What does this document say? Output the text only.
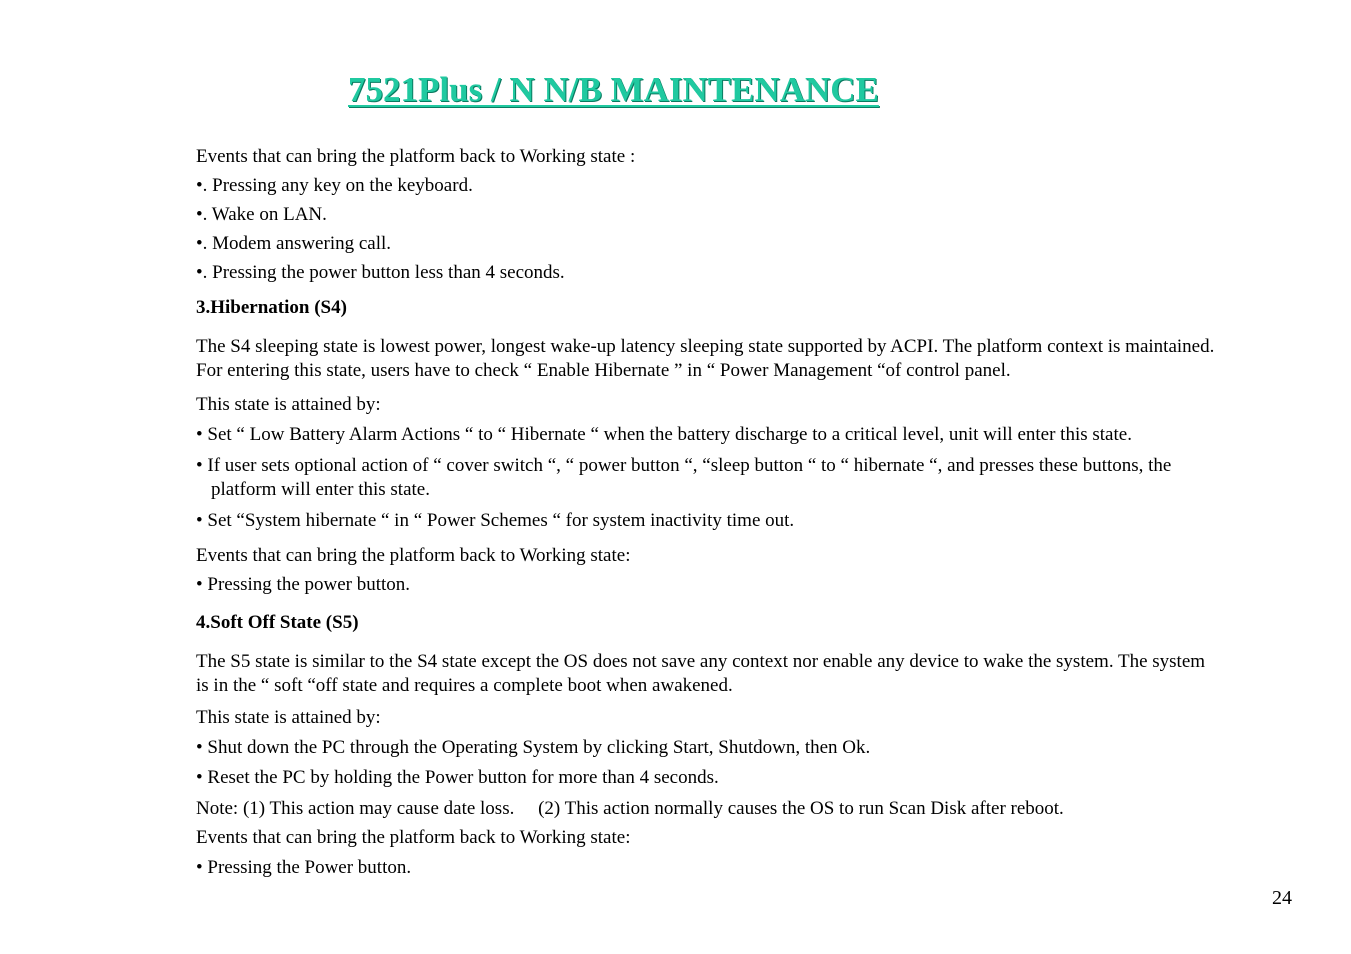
7521Plus / N N/B MAINTENANCE

Events that can bring the platform back to Working state :

•. Pressing any key on the keyboard.

•. Wake on LAN.

•. Modem answering call.

•. Pressing the power button less than 4 seconds.

3.Hibernation (S4)

The S4 sleeping state is lowest power, longest wake-up latency sleeping state supported by ACPI. The platform context is maintained. For entering this state, users have to check “ Enable Hibernate ” in “ Power Management “of control panel.

This state is attained by:

• Set “ Low Battery Alarm Actions “ to “ Hibernate “ when the battery discharge to a critical level, unit will enter this state.

• If user sets optional action of “ cover switch “, “ power button “, “sleep button “ to “ hibernate “, and presses these buttons, the platform will enter this state.

• Set “System hibernate “ in “ Power Schemes “ for system inactivity time out.

Events that can bring the platform back to Working state:

• Pressing the power button.

4.Soft Off State (S5)

The S5 state is similar to the S4 state except the OS does not save any context nor enable any device to wake the system. The system is in the “ soft “off state and requires a complete boot when awakened.

This state is attained by:

• Shut down the PC through the Operating System by clicking Start, Shutdown, then Ok.

• Reset the PC by holding the Power button for more than 4 seconds.

Note: (1) This action may cause date loss.     (2) This action normally causes the OS to run Scan Disk after reboot.

Events that can bring the platform back to Working state:

• Pressing the Power button.

24
